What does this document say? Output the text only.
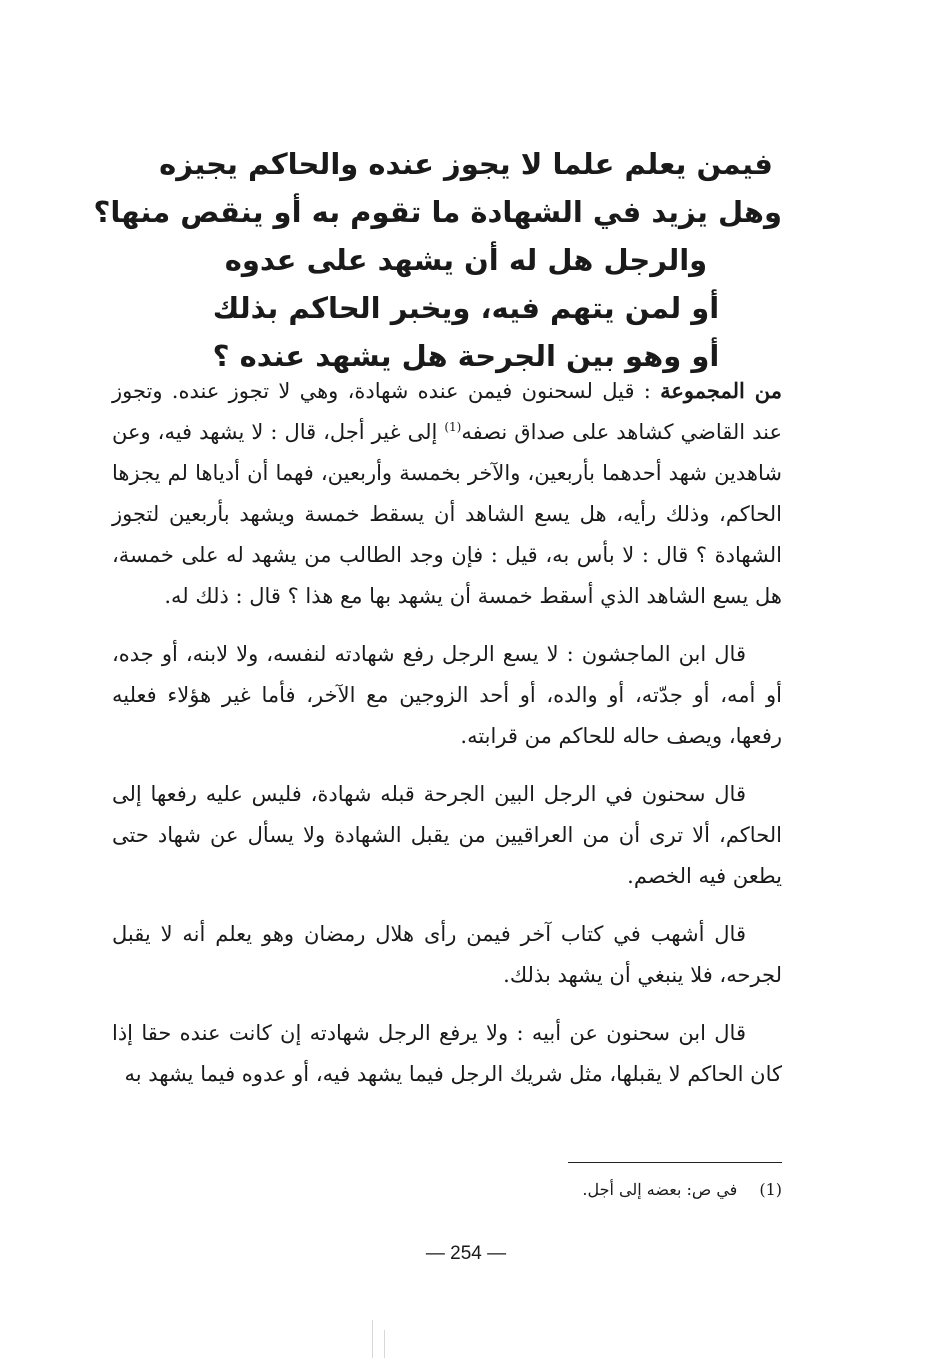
فيمن يعلم علما لا يجوز عنده والحاكم يجيزه
وهل يزيد في الشهادة ما تقوم به أو ينقص منها؟
والرجل هل له أن يشهد على عدوه
أو لمن يتهم فيه، ويخبر الحاكم بذلك
أو وهو بين الجرحة هل يشهد عنده ؟

من المجموعة : قيل لسحنون فيمن عنده شهادة، وهي لا تجوز عنده. وتجوز عند القاضي كشاهد على صداق نصفه$^{(1)}$ إلى غير أجل، قال : لا يشهد فيه، وعن شاهدين شهد أحدهما بأربعين، والآخر بخمسة وأربعين، فهما أن أدياها لم يجزها الحاكم، وذلك رأيه، هل يسع الشاهد أن يسقط خمسة ويشهد بأربعين لتجوز الشهادة ؟ قال : لا بأس به، قيل : فإن وجد الطالب من يشهد له على خمسة، هل يسع الشاهد الذي أسقط خمسة أن يشهد بها مع هذا ؟ قال : ذلك له.

قال ابن الماجشون : لا يسع الرجل رفع شهادته لنفسه، ولا لابنه، أو جده، أو أمه، أو جدّته، أو والده، أو أحد الزوجين مع الآخر، فأما غير هؤلاء فعليه رفعها، ويصف حاله للحاكم من قرابته.

قال سحنون في الرجل البين الجرحة قبله شهادة، فليس عليه رفعها إلى الحاكم، ألا ترى أن من العراقيين من يقبل الشهادة ولا يسأل عن شهاد حتى يطعن فيه الخصم.

قال أشهب في كتاب آخر فيمن رأى هلال رمضان وهو يعلم أنه لا يقبل لجرحه، فلا ينبغي أن يشهد بذلك.

قال ابن سحنون عن أبيه : ولا يرفع الرجل شهادته إن كانت عنده حقا إذا كان الحاكم لا يقبلها، مثل شريك الرجل فيما يشهد فيه، أو عدوه فيما يشهد به

(1)في ص: بعضه إلى أجل.
— 254 —
